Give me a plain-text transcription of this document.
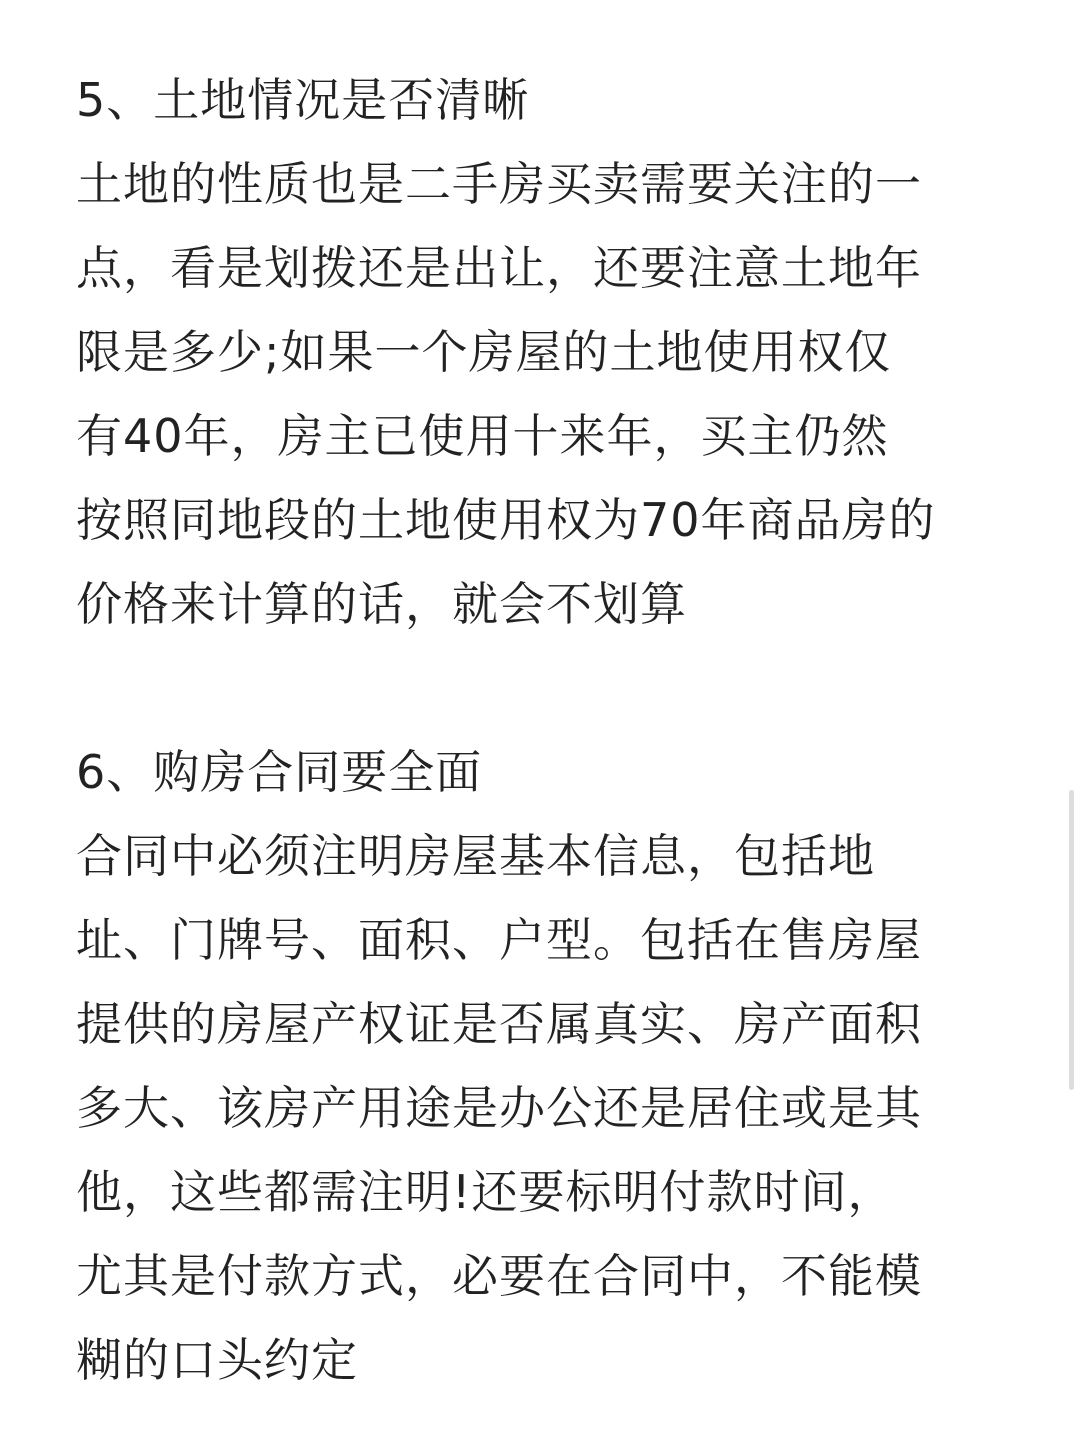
5、土地情况是否清晰
土地的性质也是二手房买卖需要关注的一
点，看是划拨还是出让，还要注意土地年
限是多少;如果一个房屋的土地使用权仅
有40年，房主已使用十来年，买主仍然
按照同地段的土地使用权为70年商品房的
价格来计算的话，就会不划算
6、购房合同要全面
合同中必须注明房屋基本信息，包括地
址、门牌号、面积、户型。包括在售房屋
提供的房屋产权证是否属真实、房产面积
多大、该房产用途是办公还是居住或是其
他，这些都需注明!还要标明付款时间，
尤其是付款方式，必要在合同中，不能模
糊的口头约定
